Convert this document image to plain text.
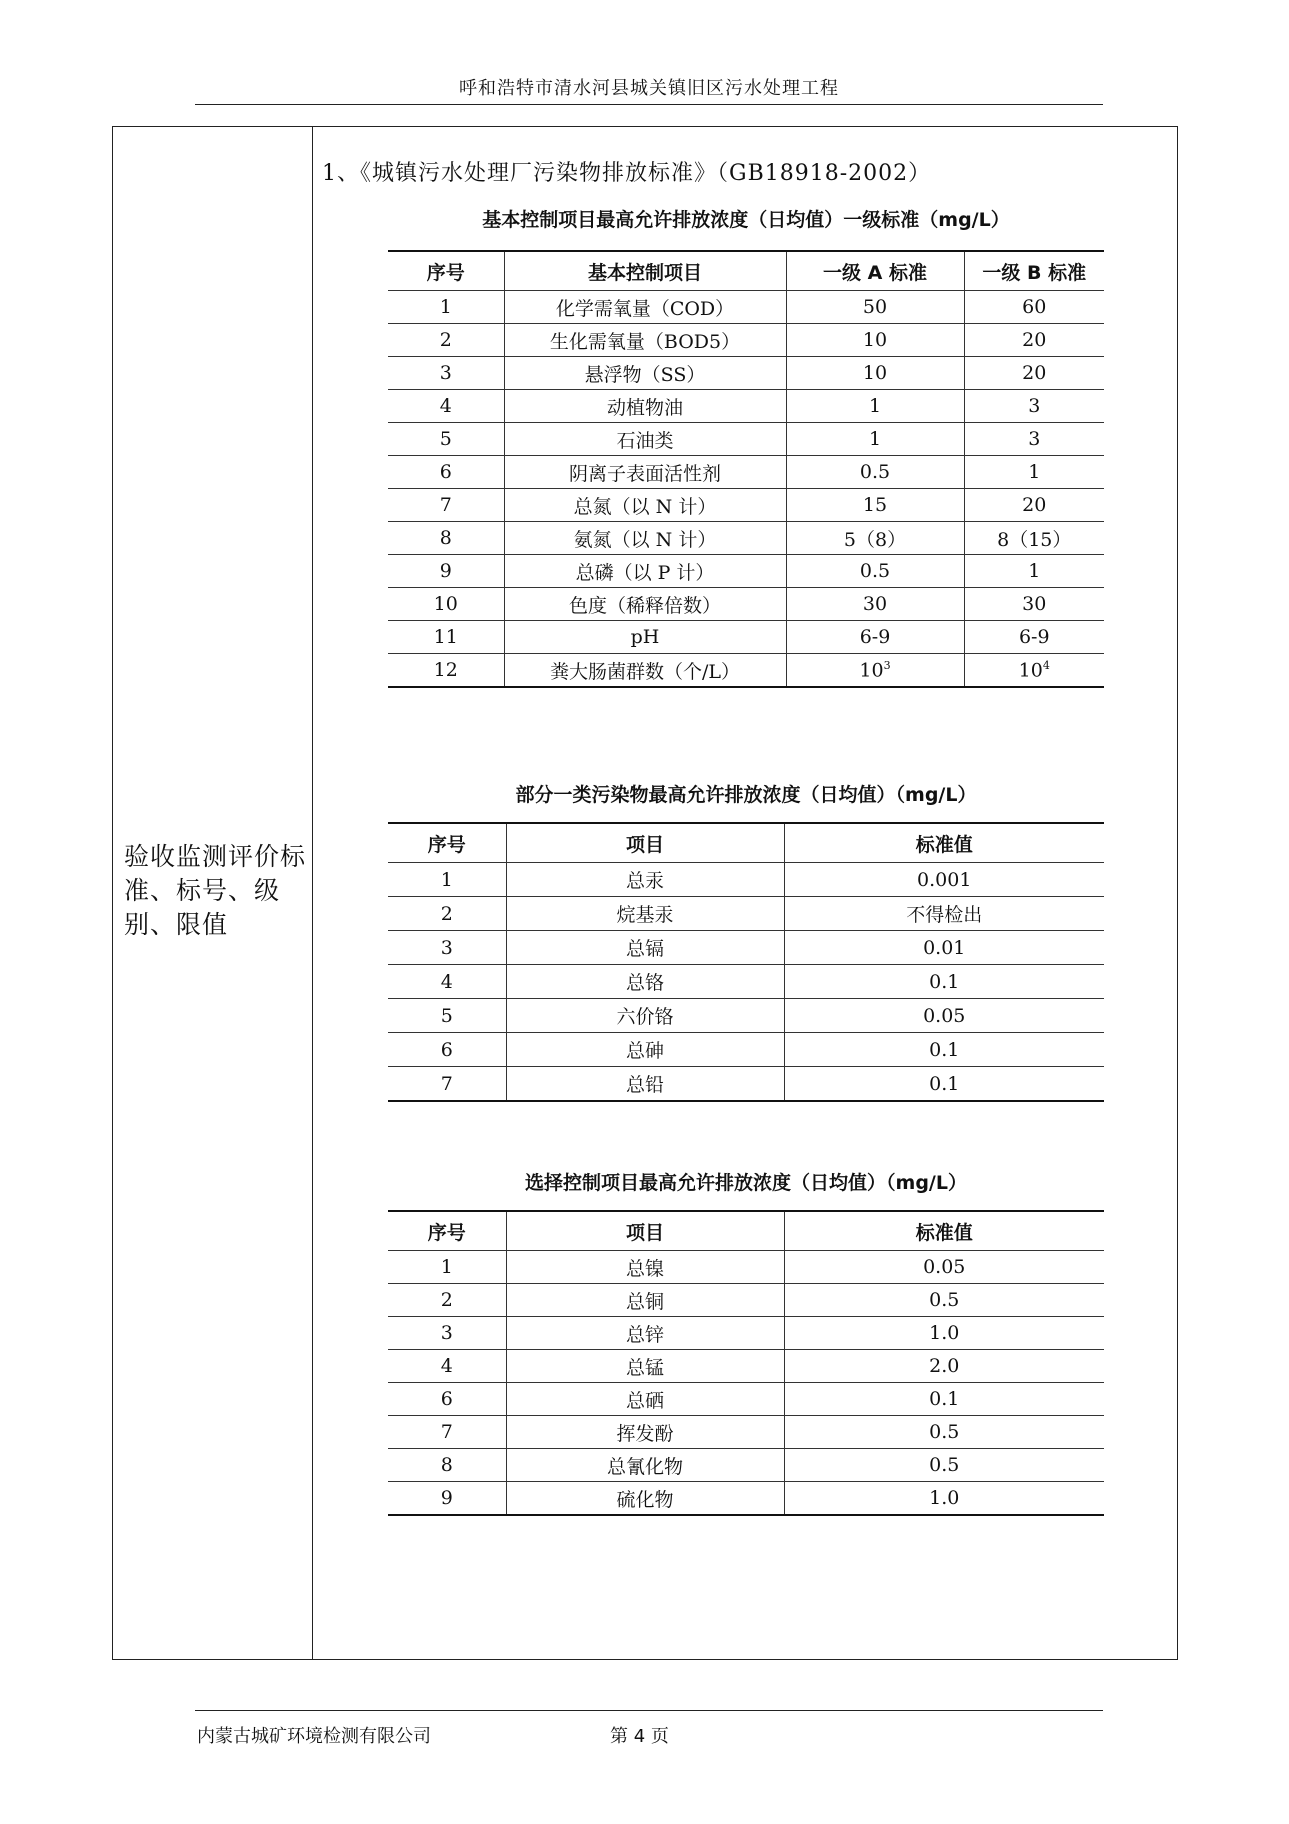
呼和浩特市清水河县城关镇旧区污水处理工程
验收监测评价标准、标号、级别、限值
1、《城镇污水处理厂污染物排放标准》（GB18918-2002）
基本控制项目最高允许排放浓度（日均值）一级标准（mg/L）
序号	基本控制项目	一级 A 标准	一级 B 标准
1	化学需氧量（COD）	50	60
2	生化需氧量（BOD5）	10	20
3	悬浮物（SS）	10	20
4	动植物油	1	3
5	石油类	1	3
6	阴离子表面活性剂	0.5	1
7	总氮（以 N 计）	15	20
8	氨氮（以 N 计）	5（8）	8（15）
9	总磷（以 P 计）	0.5	1
10	色度（稀释倍数）	30	30
11	pH	6-9	6-9
12	粪大肠菌群数（个/L）	$10^3$	$10^4$
部分一类污染物最高允许排放浓度（日均值）（mg/L）
序号	项目	标准值
1	总汞	0.001
2	烷基汞	不得检出
3	总镉	0.01
4	总铬	0.1
5	六价铬	0.05
6	总砷	0.1
7	总铅	0.1
选择控制项目最高允许排放浓度（日均值）（mg/L）
序号	项目	标准值
1	总镍	0.05
2	总铜	0.5
3	总锌	1.0
4	总锰	2.0
6	总硒	0.1
7	挥发酚	0.5
8	总氰化物	0.5
9	硫化物	1.0
内蒙古城矿环境检测有限公司	第 4 页
